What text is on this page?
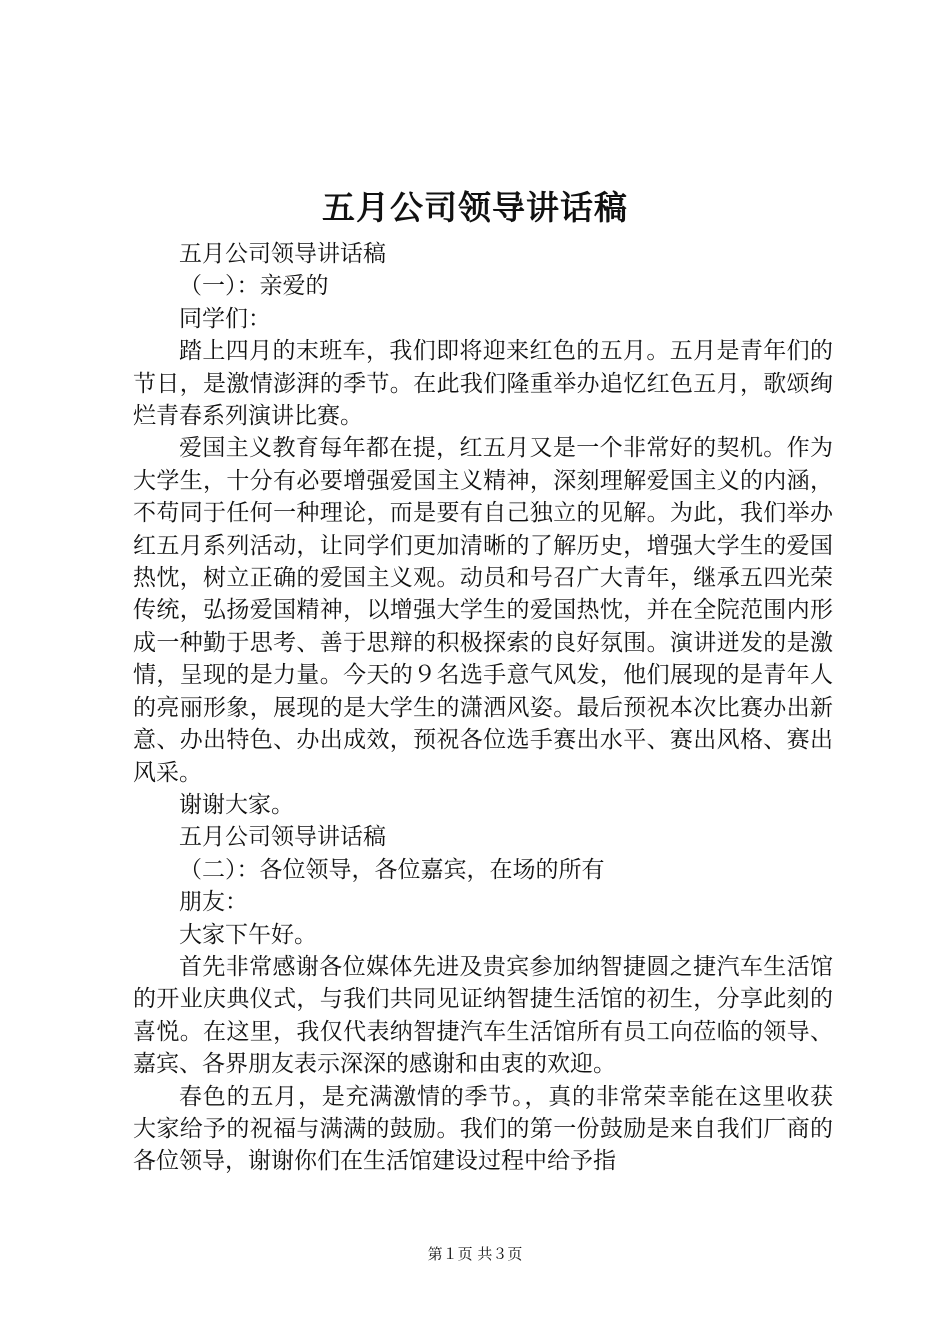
五月公司领导讲话稿

五月公司领导讲话稿

（一）：亲爱的

同学们：

踏上四月的末班车，我们即将迎来红色的五月。五月是青年们的节日，是激情澎湃的季节。在此我们隆重举办追忆红色五月，歌颂绚烂青春系列演讲比赛。

爱国主义教育每年都在提，红五月又是一个非常好的契机。作为大学生，十分有必要增强爱国主义精神，深刻理解爱国主义的内涵，不苟同于任何一种理论，而是要有自己独立的见解。为此，我们举办红五月系列活动，让同学们更加清晰的了解历史，增强大学生的爱国热忱，树立正确的爱国主义观。动员和号召广大青年，继承五四光荣传统，弘扬爱国精神，以增强大学生的爱国热忱，并在全院范围内形成一种勤于思考、善于思辩的积极探索的良好氛围。演讲迸发的是激情，呈现的是力量。今天的９名选手意气风发，他们展现的是青年人的亮丽形象，展现的是大学生的潇洒风姿。最后预祝本次比赛办出新意、办出特色、办出成效，预祝各位选手赛出水平、赛出风格、赛出风采。

谢谢大家。

五月公司领导讲话稿

（二）：各位领导，各位嘉宾，在场的所有

朋友：

大家下午好。

首先非常感谢各位媒体先进及贵宾参加纳智捷圆之捷汽车生活馆的开业庆典仪式，与我们共同见证纳智捷生活馆的初生，分享此刻的喜悦。在这里，我仅代表纳智捷汽车生活馆所有员工向莅临的领导、嘉宾、各界朋友表示深深的感谢和由衷的欢迎。

春色的五月，是充满激情的季节。，真的非常荣幸能在这里收获大家给予的祝福与满满的鼓励。我们的第一份鼓励是来自我们厂商的各位领导，谢谢你们在生活馆建设过程中给予指

第１页 共３页
